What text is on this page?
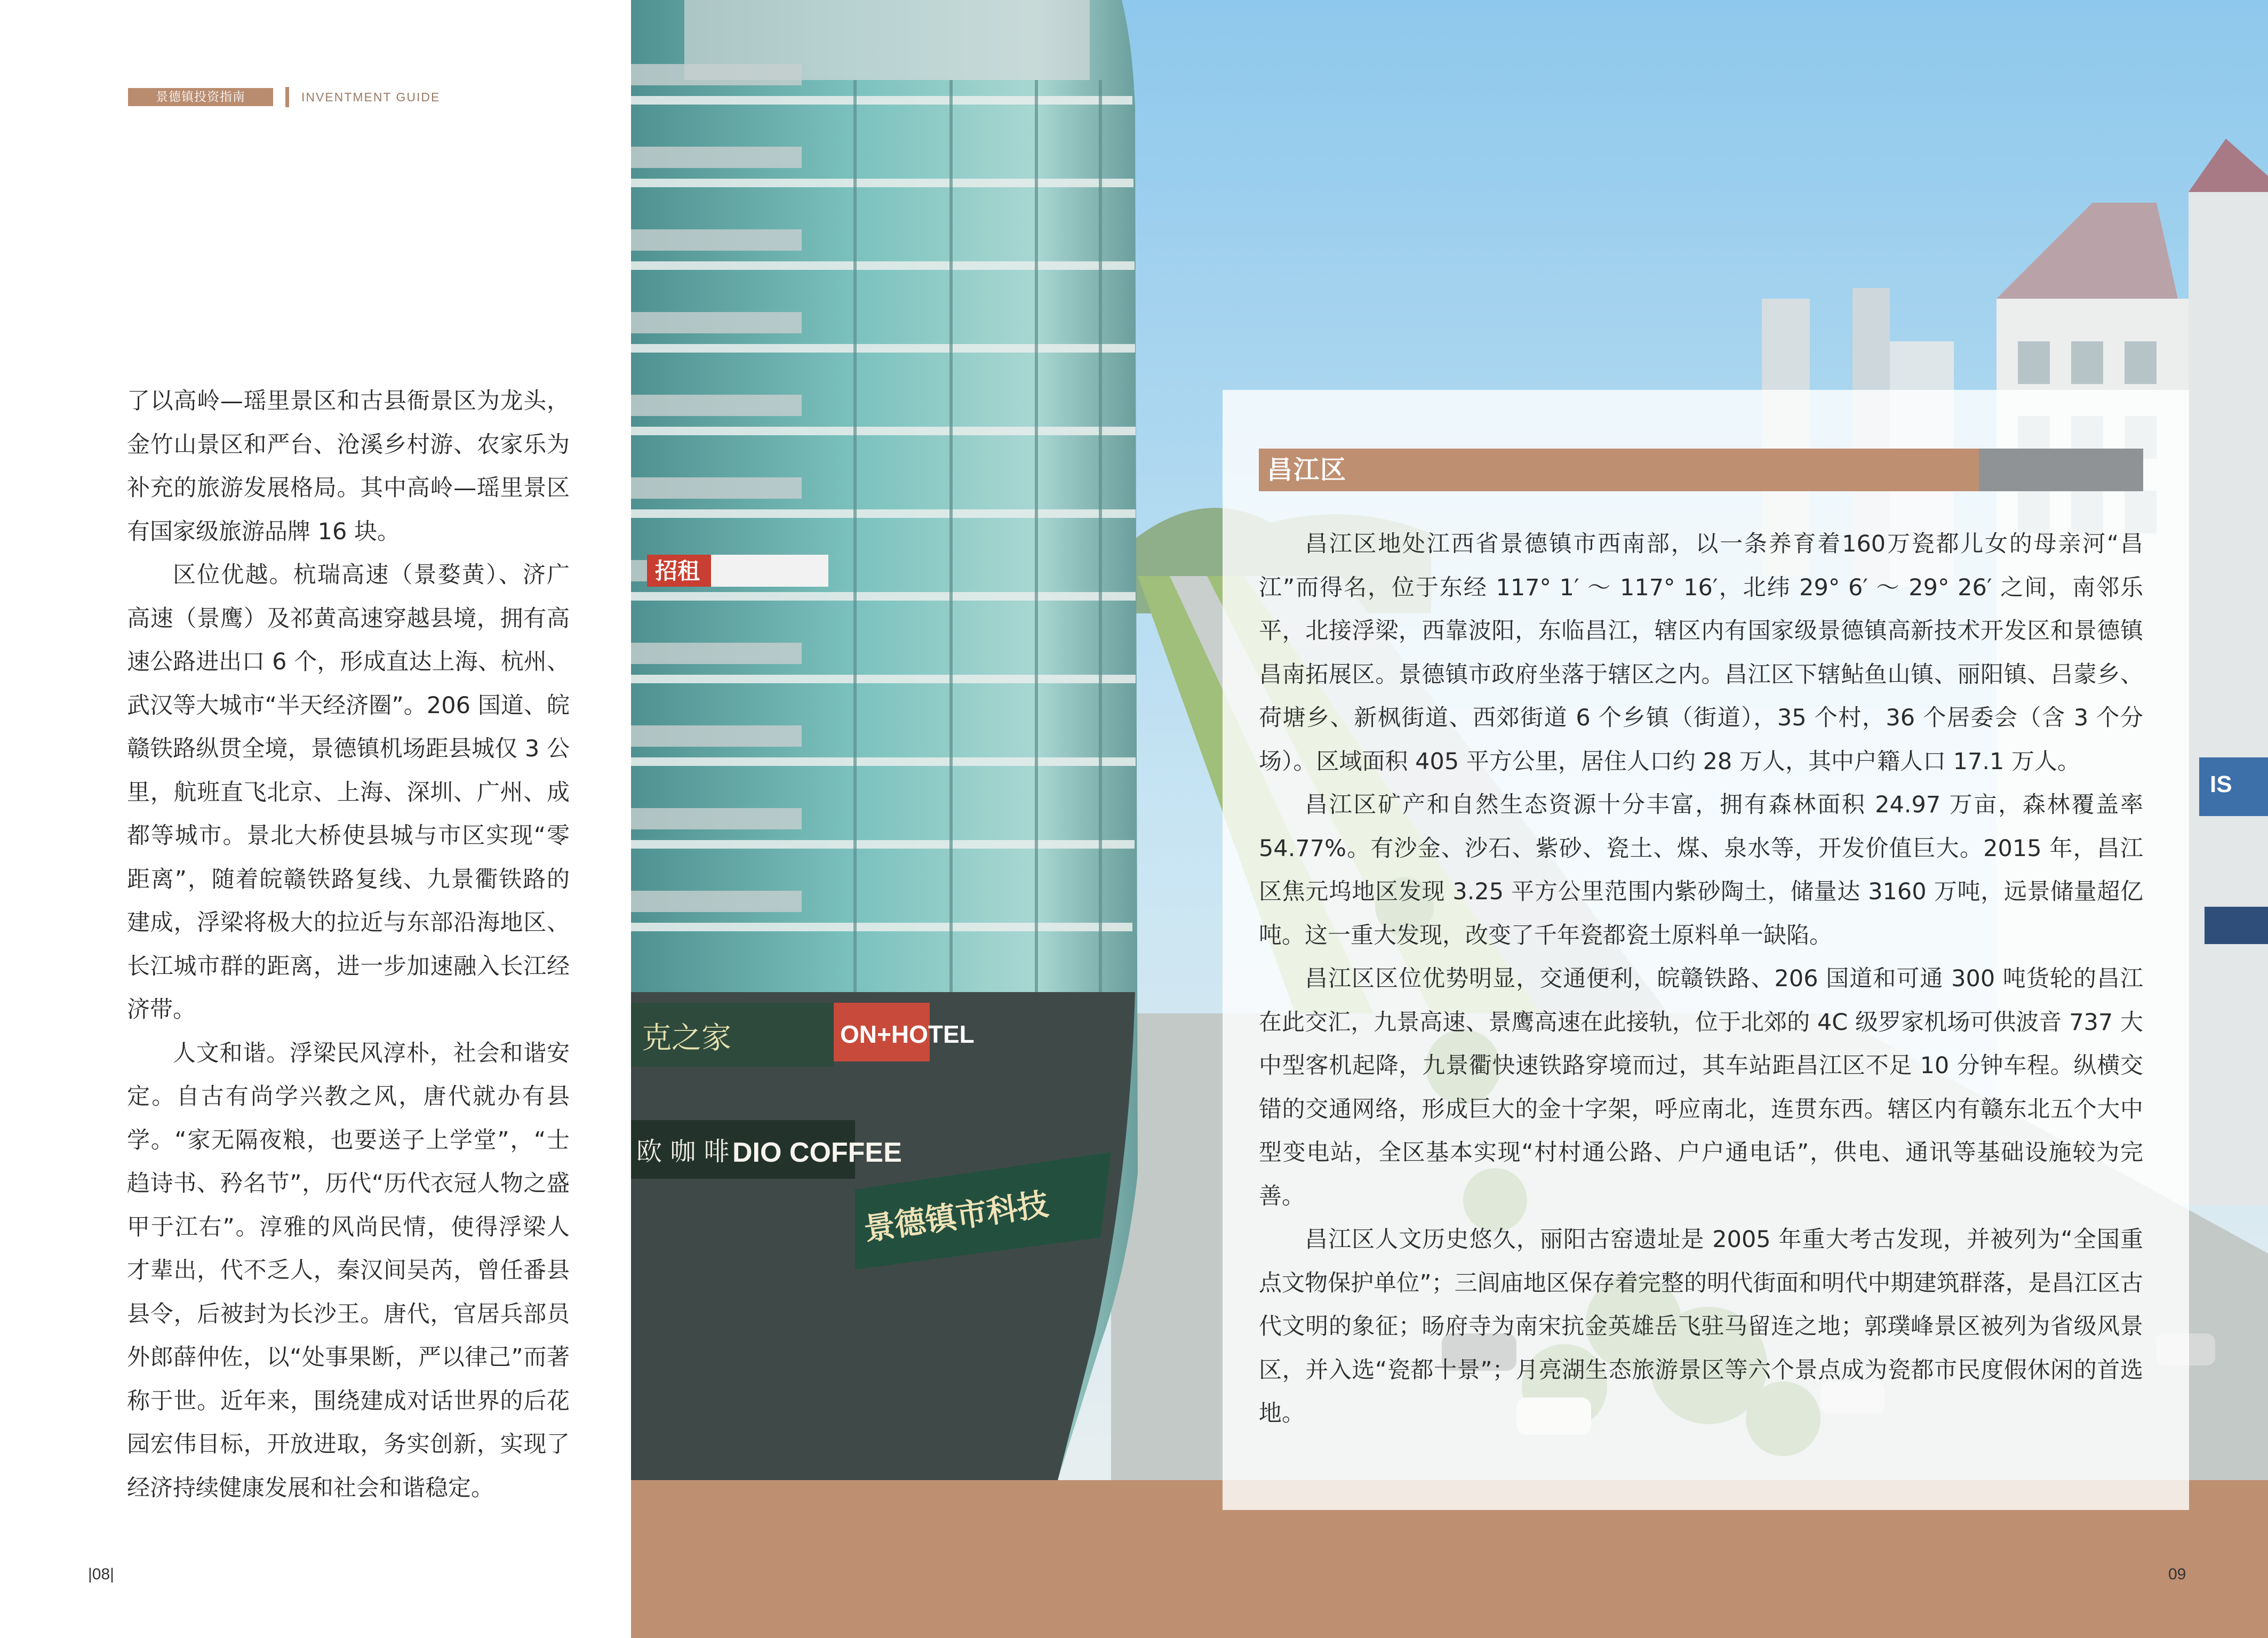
景德镇投资指南	INVENTMENT GUIDE

了以高岭—瑶里景区和古县衙景区为龙头，金竹山景区和严台、沧溪乡村游、农家乐为补充的旅游发展格局。其中高岭—瑶里景区有国家级旅游品牌 16 块。

区位优越。杭瑞高速（景婺黄）、济广高速（景鹰）及祁黄高速穿越县境，拥有高速公路进出口 6 个，形成直达上海、杭州、武汉等大城市“半天经济圈”。206 国道、皖赣铁路纵贯全境，景德镇机场距县城仅 3 公里，航班直飞北京、上海、深圳、广州、成都等城市。景北大桥使县城与市区实现“零距离”，随着皖赣铁路复线、九景衢铁路的建成，浮梁将极大的拉近与东部沿海地区、长江城市群的距离，进一步加速融入长江经济带。

人文和谐。浮梁民风淳朴，社会和谐安定。自古有尚学兴教之风，唐代就办有县学。“家无隔夜粮，也要送子上学堂”，“士趋诗书、矜名节”，历代“历代衣冠人物之盛甲于江右”。淳雅的风尚民情，使得浮梁人才辈出，代不乏人，秦汉间吴芮，曾任番县县令，后被封为长沙王。唐代，官居兵部员外郎薛仲佐，以“处事果断，严以律己”而著称于世。近年来，围绕建成对话世界的后花园宏伟目标，开放进取，务实创新，实现了经济持续健康发展和社会和谐稳定。

|08|
招租
克之家	ON+HOTEL
欧 咖 啡 DIO COFFEE
景德镇市科技
IS
09
昌江区

昌江区地处江西省景德镇市西南部，以一条养育着160万瓷都儿女的母亲河“昌江”而得名，位于东经 117° 1′ ～ 117° 16′，北纬 29° 6′ ～ 29° 26′ 之间，南邻乐平，北接浮梁，西靠波阳，东临昌江，辖区内有国家级景德镇高新技术开发区和景德镇昌南拓展区。景德镇市政府坐落于辖区之内。昌江区下辖鲇鱼山镇、丽阳镇、吕蒙乡、荷塘乡、新枫街道、西郊街道 6 个乡镇（街道），35 个村，36 个居委会（含 3 个分场）。区域面积 405 平方公里，居住人口约 28 万人，其中户籍人口 17.1 万人。

昌江区矿产和自然生态资源十分丰富，拥有森林面积 24.97 万亩，森林覆盖率 54.77%。有沙金、沙石、紫砂、瓷土、煤、泉水等，开发价值巨大。2015 年，昌江区焦元坞地区发现 3.25 平方公里范围内紫砂陶土，储量达 3160 万吨，远景储量超亿吨。这一重大发现，改变了千年瓷都瓷土原料单一缺陷。

昌江区区位优势明显，交通便利，皖赣铁路、206 国道和可通 300 吨货轮的昌江在此交汇，九景高速、景鹰高速在此接轨，位于北郊的 4C 级罗家机场可供波音 737 大中型客机起降，九景衢快速铁路穿境而过，其车站距昌江区不足 10 分钟车程。纵横交错的交通网络，形成巨大的金十字架，呼应南北，连贯东西。辖区内有赣东北五个大中型变电站，全区基本实现“村村通公路、户户通电话”，供电、通讯等基础设施较为完善。

昌江区人文历史悠久，丽阳古窑遗址是 2005 年重大考古发现，并被列为“全国重点文物保护单位”；三闾庙地区保存着完整的明代街面和明代中期建筑群落，是昌江区古代文明的象征；旸府寺为南宋抗金英雄岳飞驻马留连之地；郭璞峰景区被列为省级风景区，并入选“瓷都十景”；月亮湖生态旅游景区等六个景点成为瓷都市民度假休闲的首选地。
